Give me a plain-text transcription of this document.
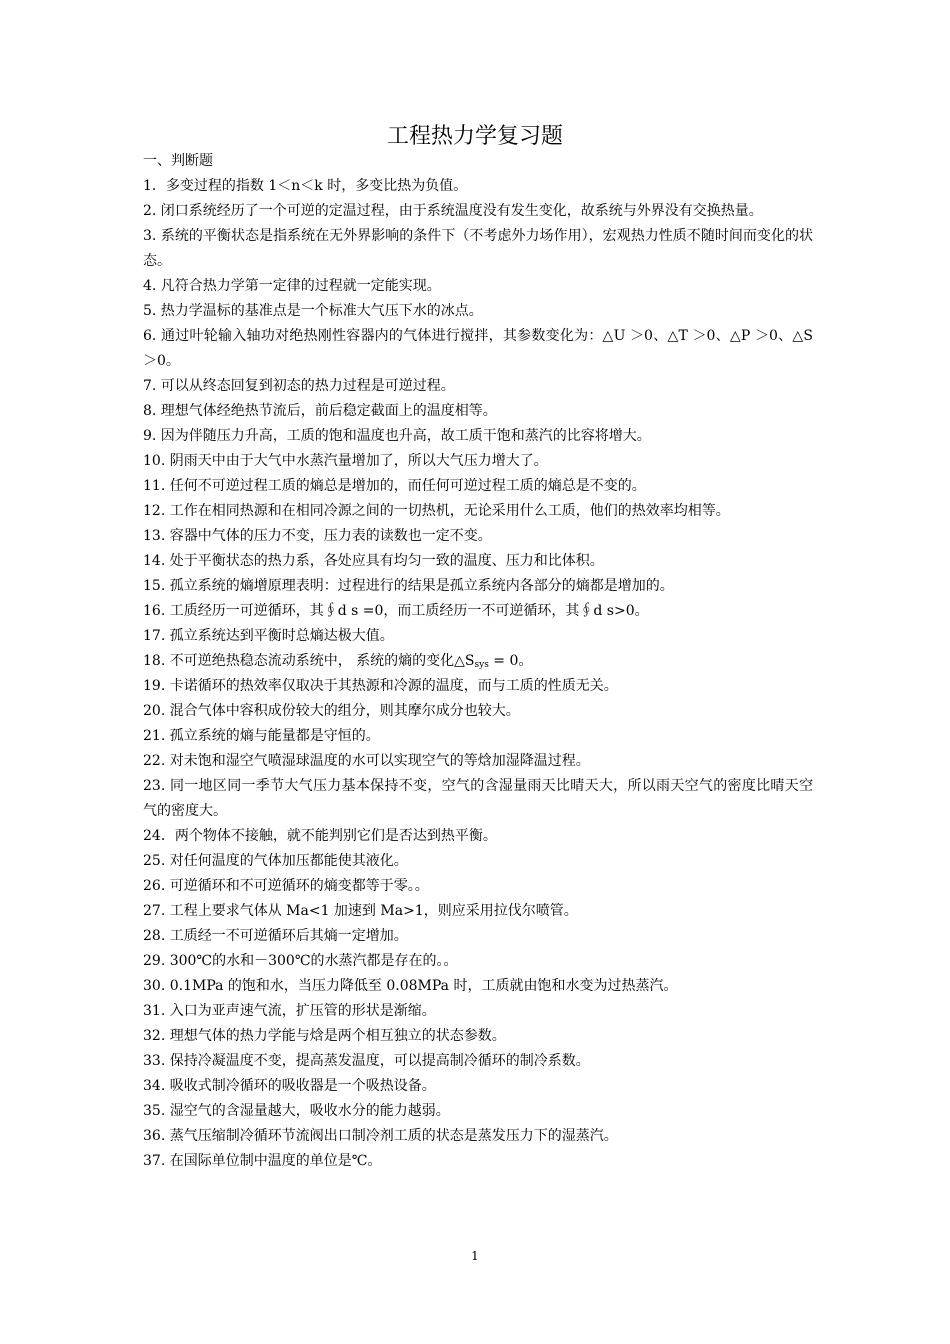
工程热力学复习题

一、判断题

1．多变过程的指数 1＜n＜k 时，多变比热为负值。

2. 闭口系统经历了一个可逆的定温过程，由于系统温度没有发生变化，故系统与外界没有交换热量。

3. 系统的平衡状态是指系统在无外界影响的条件下（不考虑外力场作用），宏观热力性质不随时间而变化的状态。

4. 凡符合热力学第一定律的过程就一定能实现。

5. 热力学温标的基准点是一个标准大气压下水的冰点。

6. 通过叶轮输入轴功对绝热刚性容器内的气体进行搅拌，其参数变化为：△U ＞0、△T ＞0、△P ＞0、△S ＞0。

7. 可以从终态回复到初态的热力过程是可逆过程。

8. 理想气体经绝热节流后，前后稳定截面上的温度相等。

9. 因为伴随压力升高，工质的饱和温度也升高，故工质干饱和蒸汽的比容将增大。

10. 阴雨天中由于大气中水蒸汽量增加了，所以大气压力增大了。

11. 任何不可逆过程工质的熵总是增加的，而任何可逆过程工质的熵总是不变的。

12. 工作在相同热源和在相同冷源之间的一切热机，无论采用什么工质，他们的热效率均相等。

13. 容器中气体的压力不变，压力表的读数也一定不变。

14. 处于平衡状态的热力系，各处应具有均匀一致的温度、压力和比体积。

15. 孤立系统的熵增原理表明：过程进行的结果是孤立系统内各部分的熵都是增加的。

16. 工质经历一可逆循环，其∮d s =0，而工质经历一不可逆循环，其∮d s>0。

17. 孤立系统达到平衡时总熵达极大值。

18. 不可逆绝热稳态流动系统中， 系统的熵的变化$\triangle S_{sys} = 0$。

19. 卡诺循环的热效率仅取决于其热源和冷源的温度，而与工质的性质无关。

20. 混合气体中容积成份较大的组分，则其摩尔成分也较大。

21. 孤立系统的熵与能量都是守恒的。

22. 对未饱和湿空气喷湿球温度的水可以实现空气的等焓加湿降温过程。

23. 同一地区同一季节大气压力基本保持不变，空气的含湿量雨天比晴天大，所以雨天空气的密度比晴天空气的密度大。

24．两个物体不接触，就不能判别它们是否达到热平衡。

25. 对任何温度的气体加压都能使其液化。

26. 可逆循环和不可逆循环的熵变都等于零。。

27. 工程上要求气体从 Ma<1 加速到 Ma>1，则应采用拉伐尔喷管。

28. 工质经一不可逆循环后其熵一定增加。

29. 300℃的水和－300℃的水蒸汽都是存在的。。

30. 0.1MPa 的饱和水，当压力降低至 0.08MPa 时，工质就由饱和水变为过热蒸汽。

31. 入口为亚声速气流，扩压管的形状是渐缩。

32. 理想气体的热力学能与焓是两个相互独立的状态参数。

33. 保持冷凝温度不变，提高蒸发温度，可以提高制冷循环的制冷系数。

34. 吸收式制冷循环的吸收器是一个吸热设备。

35. 湿空气的含湿量越大，吸收水分的能力越弱。

36. 蒸气压缩制冷循环节流阀出口制冷剂工质的状态是蒸发压力下的湿蒸汽。

37. 在国际单位制中温度的单位是℃。

1
